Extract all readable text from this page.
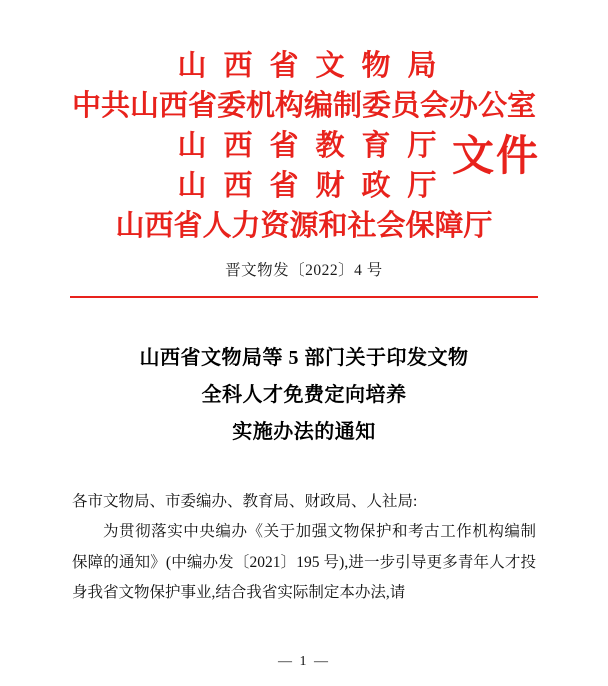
山西省文物局
中共山西省委机构编制委员会办公室
山西省教育厅
山西省财政厅
山西省人力资源和社会保障厅
文件
晋文物发〔2022〕4 号
山西省文物局等 5 部门关于印发文物
全科人才免费定向培养
实施办法的通知

各市文物局、市委编办、教育局、财政局、人社局:

为贯彻落实中央编办《关于加强文物保护和考古工作机构编制保障的通知》(中编办发〔2021〕195 号),进一步引导更多青年人才投身我省文物保护事业,结合我省实际制定本办法,请

— 1 —
